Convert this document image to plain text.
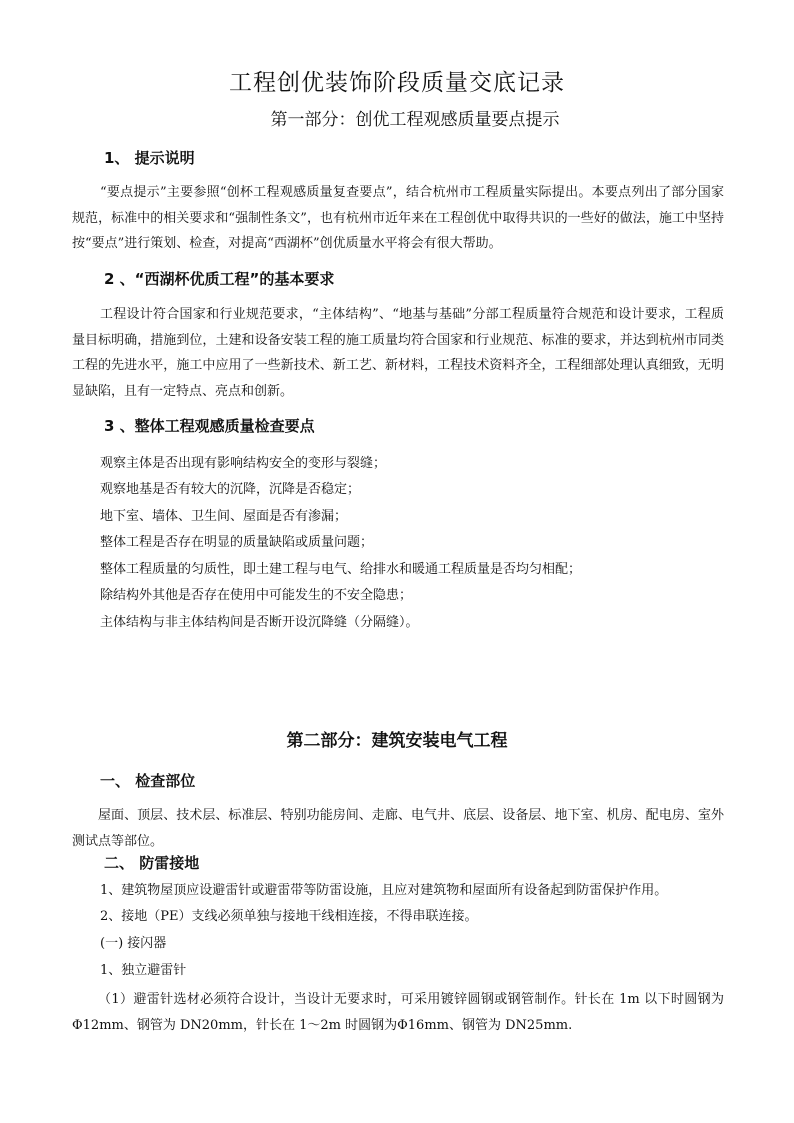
工程创优装饰阶段质量交底记录
第一部分：创优工程观感质量要点提示
1、 提示说明
“要点提示”主要参照“创杯工程观感质量复查要点”，结合杭州市工程质量实际提出。本要点列出了部分国家规范，标准中的相关要求和“强制性条文”，也有杭州市近年来在工程创优中取得共识的一些好的做法，施工中坚持按“要点”进行策划、检查，对提高“西湖杯”创优质量水平将会有很大帮助。
2 、“西湖杯优质工程”的基本要求
工程设计符合国家和行业规范要求，“主体结构”、“地基与基础”分部工程质量符合规范和设计要求，工程质量目标明确，措施到位，土建和设备安装工程的施工质量均符合国家和行业规范、标准的要求，并达到杭州市同类工程的先进水平，施工中应用了一些新技术、新工艺、新材料，工程技术资料齐全，工程细部处理认真细致，无明显缺陷，且有一定特点、亮点和创新。
3 、整体工程观感质量检查要点
观察主体是否出现有影响结构安全的变形与裂缝；
观察地基是否有较大的沉降，沉降是否稳定；
地下室、墙体、卫生间、屋面是否有渗漏；
整体工程是否存在明显的质量缺陷或质量问题；
整体工程质量的匀质性，即土建工程与电气、给排水和暖通工程质量是否均匀相配；
除结构外其他是否存在使用中可能发生的不安全隐患；
主体结构与非主体结构间是否断开设沉降缝（分隔缝）。
第二部分：建筑安装电气工程
一、 检查部位
屋面、顶层、技术层、标准层、特别功能房间、走廊、电气井、底层、设备层、地下室、机房、配电房、室外测试点等部位。
二、 防雷接地
1、建筑物屋顶应设避雷针或避雷带等防雷设施，且应对建筑物和屋面所有设备起到防雷保护作用。
2、接地（PE）支线必须单独与接地干线相连接，不得串联连接。
(一) 接闪器
1、独立避雷针
（1）避雷针选材必须符合设计，当设计无要求时，可采用镀锌圆钢或钢管制作。针长在 1m 以下时圆钢为Φ12mm、钢管为 DN20mm，针长在 1～2m 时圆钢为Φ16mm、钢管为 DN25mm.
